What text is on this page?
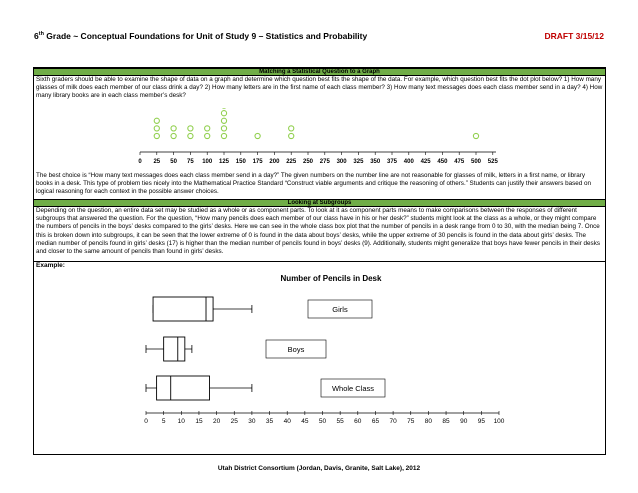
6th Grade ~ Conceptual Foundations for Unit of Study 9 – Statistics and Probability	DRAFT 3/15/12
Matching a Statistical Question to a Graph

Sixth graders should be able to examine the shape of data on a graph and determine which question best fits the shape of the data. For example, which question best fits the dot plot below? 1) How many glasses of milk does each member of our class drink a day? 2) How many letters are in the first name of each class member? 3) How many text messages does each class member send in a day? 4) How many library books are in each class member’s desk?

0 25 50 75 100 125 150 175 200 225 250 275 300 325 350 375 400 425 450 475 500 525

The best choice is “How many text messages does each class member send in a day?” The given numbers on the number line are not reasonable for glasses of milk, letters in a first name, or library books in a desk. This type of problem ties nicely into the Mathematical Practice Standard “Construct viable arguments and critique the reasoning of others.” Students can justify their answers based on logical reasoning for each context in the possible answer choices.

Looking at Subgroups

Depending on the question, an entire data set may be studied as a whole or as component parts. To look at it as component parts means to make comparisons between the responses of different subgroups that answered the question. For the question, “How many pencils does each member of our class have in his or her desk?” students might look at the class as a whole, or they might compare the numbers of pencils in the boys’ desks compared to the girls’ desks. Here we can see in the whole class box plot that the number of pencils in a desk range from 0 to 30, with the median being 7. Once this is broken down into subgroups, it can be seen that the lower extreme of 0 is found in the data about boys’ desks, while the upper extreme of 30 pencils is found in the data about girls’ desks. The median number of pencils found in girls’ desks (17) is higher than the median number of pencils found in boys’ desks (9). Additionally, students might generalize that boys have fewer pencils in their desks and closer to the same amount of pencils than found in girls’ desks.

Example:
Number of Pencils in Desk
0 5 10 15 20 25 30 35 40 45 50 55 60 65 70 75 80 85 90 95 100
Girls
Boys
Whole Class
Utah District Consortium (Jordan, Davis, Granite, Salt Lake), 2012
